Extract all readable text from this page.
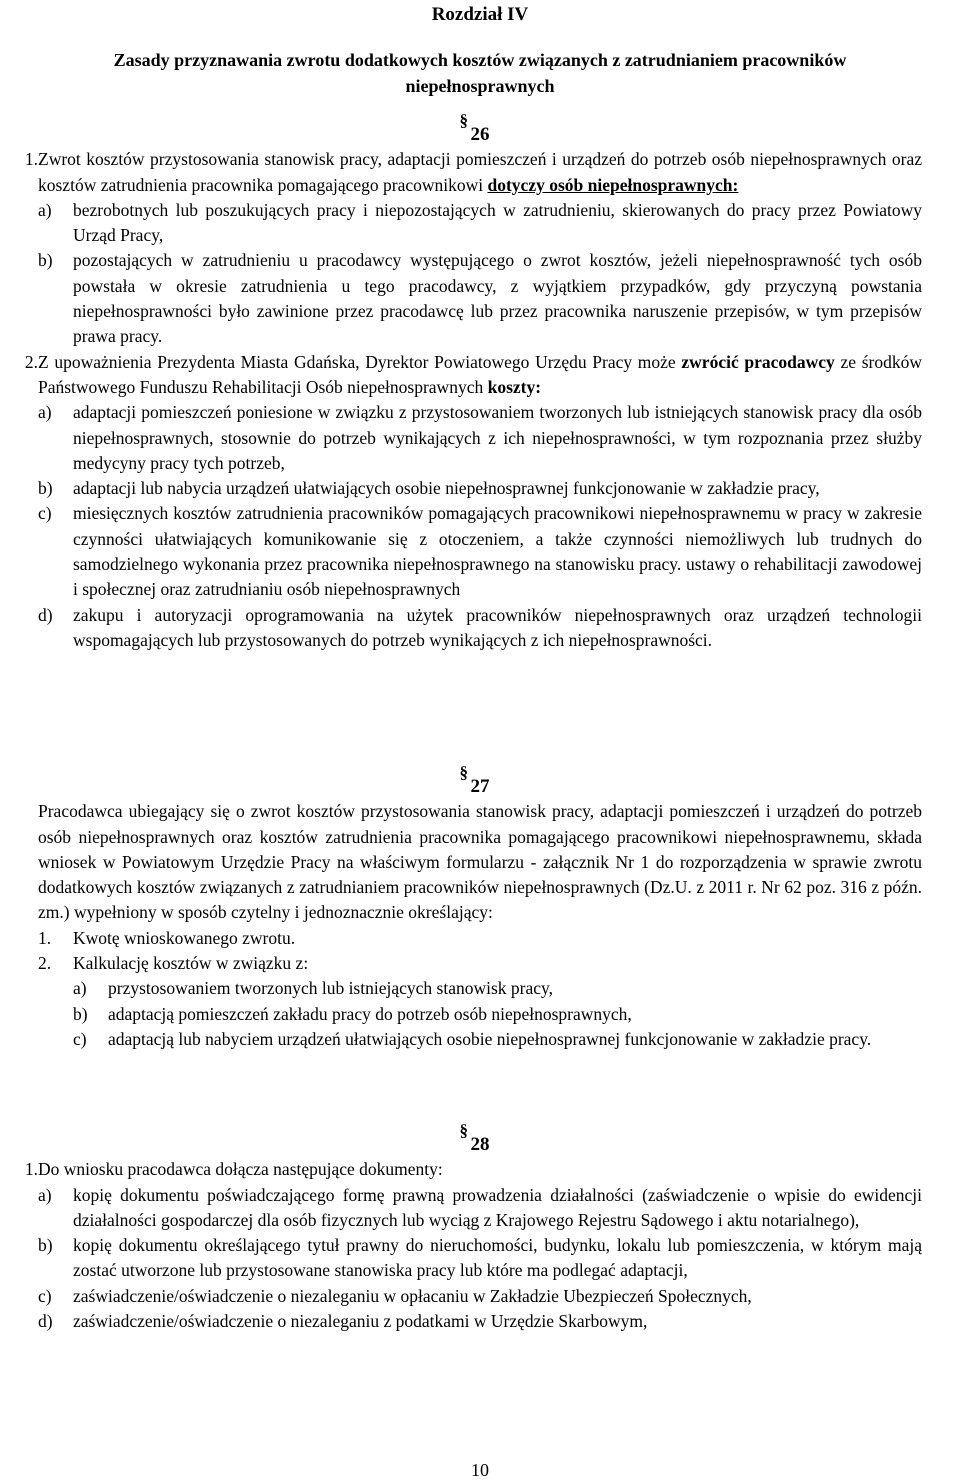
Rozdział IV
Zasady przyznawania zwrotu dodatkowych kosztów związanych z zatrudnianiem pracowników niepełnosprawnych
§ 26
1. Zwrot kosztów przystosowania stanowisk pracy, adaptacji pomieszczeń i urządzeń do potrzeb osób niepełnosprawnych oraz kosztów zatrudnienia pracownika pomagającego pracownikowi dotyczy osób niepełnosprawnych:
a)	bezrobotnych lub poszukujących pracy i niepozostających w zatrudnieniu, skierowanych do pracy przez Powiatowy Urząd Pracy,
b)	pozostających w zatrudnieniu u pracodawcy występującego o zwrot kosztów, jeżeli niepełnosprawność tych osób powstała w okresie zatrudnienia u tego pracodawcy, z wyjątkiem przypadków, gdy przyczyną powstania niepełnosprawności było zawinione przez pracodawcę lub przez pracownika naruszenie przepisów, w tym przepisów prawa pracy.
2. Z upoważnienia Prezydenta Miasta Gdańska, Dyrektor Powiatowego Urzędu Pracy może zwrócić pracodawcy ze środków Państwowego Funduszu Rehabilitacji Osób niepełnosprawnych koszty:
a)	adaptacji pomieszczeń poniesione w związku z przystosowaniem tworzonych lub istniejących stanowisk pracy dla osób niepełnosprawnych, stosownie do potrzeb wynikających z ich niepełnosprawności, w tym rozpoznania przez służby medycyny pracy tych potrzeb,
b)	adaptacji lub nabycia urządzeń ułatwiających osobie niepełnosprawnej funkcjonowanie w zakładzie pracy,
c)	miesięcznych kosztów zatrudnienia pracowników pomagających pracownikowi niepełnosprawnemu w pracy w zakresie czynności ułatwiających komunikowanie się z otoczeniem, a także czynności niemożliwych lub trudnych do samodzielnego wykonania przez pracownika niepełnosprawnego na stanowisku pracy. ustawy o rehabilitacji zawodowej i społecznej oraz zatrudnianiu osób niepełnosprawnych
d)	zakupu i autoryzacji oprogramowania na użytek pracowników niepełnosprawnych oraz urządzeń technologii wspomagających lub przystosowanych do potrzeb wynikających z ich niepełnosprawności.
§ 27
Pracodawca ubiegający się o zwrot kosztów przystosowania stanowisk pracy, adaptacji pomieszczeń i urządzeń do potrzeb osób niepełnosprawnych oraz kosztów zatrudnienia pracownika pomagającego pracownikowi niepełnosprawnemu, składa wniosek w Powiatowym Urzędzie Pracy na właściwym formularzu - załącznik Nr 1 do rozporządzenia w sprawie zwrotu dodatkowych kosztów związanych z zatrudnianiem pracowników niepełnosprawnych (Dz.U. z 2011 r. Nr 62 poz. 316 z późn. zm.) wypełniony w sposób czytelny i jednoznacznie określający:
1.	Kwotę wnioskowanego zwrotu.
2.	Kalkulację kosztów w związku z:
a)	przystosowaniem tworzonych lub istniejących stanowisk pracy,
b)	adaptacją pomieszczeń zakładu pracy do potrzeb osób niepełnosprawnych,
c)	adaptacją lub nabyciem urządzeń ułatwiających osobie niepełnosprawnej funkcjonowanie w zakładzie pracy.
§ 28
1. Do wniosku pracodawca dołącza następujące dokumenty:
a)	kopię dokumentu poświadczającego formę prawną prowadzenia działalności (zaświadczenie o wpisie do ewidencji działalności gospodarczej dla osób fizycznych lub wyciąg z Krajowego Rejestru Sądowego i aktu notarialnego),
b)	kopię dokumentu określającego tytuł prawny do nieruchomości, budynku, lokalu lub pomieszczenia, w którym mają zostać utworzone lub przystosowane stanowiska pracy lub które ma podlegać adaptacji,
c)	zaświadczenie/oświadczenie o niezaleganiu w opłacaniu w Zakładzie Ubezpieczeń Społecznych,
d)	zaświadczenie/oświadczenie o niezaleganiu z podatkami w Urzędzie Skarbowym,
10
